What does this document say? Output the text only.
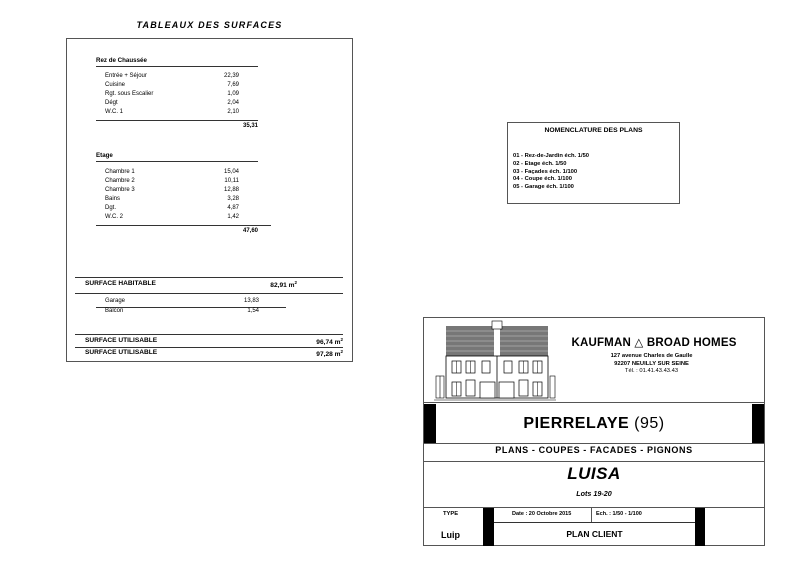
TABLEAUX DES SURFACES
Rez de Chaussée
Entrée + Séjour	22,39
Cuisine	7,69
Rgt. sous Escalier	1,09
Dégt	2,04
W.C. 1	2,10
35,31
Etage
Chambre 1	15,04
Chambre 2	10,11
Chambre 3	12,88
Bains	3,28
Dgt.	4,87
W.C. 2	1,42
47,60
SURFACE HABITABLE	82,91 $m^2$
Garage	13,83
Balcon	1,54
SURFACE UTILISABLE	96,74 $m^2$
SURFACE UTILISABLE	97,28 $m^2$
NOMENCLATURE DES PLANS
01 - Rez-de-Jardin éch. 1/50
02 - Etage éch. 1/50
03 - Façades éch. 1/100
04 - Coupe éch. 1/100
05 - Garage éch. 1/100
KAUFMAN △ BROAD HOMES
127 avenue Charles de Gaulle
92207 NEUILLY SUR SEINE
Tél. : 01.41.43.43.43
PIERRELAYE (95)
PLANS - COUPES - FACADES - PIGNONS
LUISA
Lots 19-20
TYPE
Luip
Date : 20 Octobre 2015	Ech. : 1/50 - 1/100
PLAN CLIENT
